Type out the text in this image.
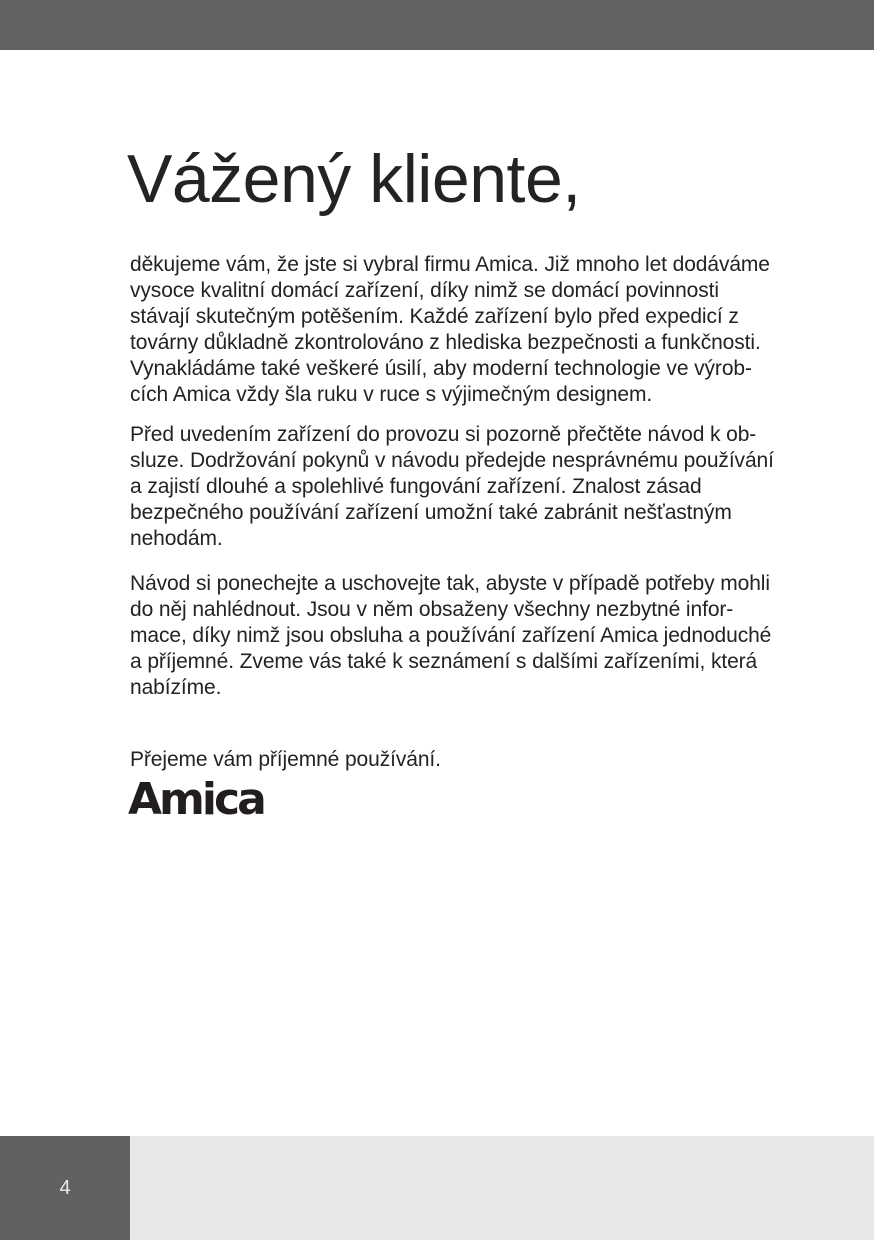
Vážený kliente,
děkujeme vám, že jste si vybral firmu Amica. Již mnoho let dodáváme
vysoce kvalitní domácí zařízení, díky nimž se domácí povinnosti
stávají skutečným potěšením. Každé zařízení bylo před expedicí z
továrny důkladně zkontrolováno z hlediska bezpečnosti a funkčnosti.
Vynakládáme také veškeré úsilí, aby moderní technologie ve výrob-
cích Amica vždy šla ruku v ruce s výjimečným designem.
Před uvedením zařízení do provozu si pozorně přečtěte návod k ob-
sluze. Dodržování pokynů v návodu předejde nesprávnému používání
a zajistí dlouhé a spolehlivé fungování zařízení. Znalost zásad
bezpečného používání zařízení umožní také zabránit nešťastným
nehodám.
Návod si ponechejte a uschovejte tak, abyste v případě potřeby mohli
do něj nahlédnout. Jsou v něm obsaženy všechny nezbytné infor-
mace, díky nimž jsou obsluha a používání zařízení Amica jednoduché
a příjemné. Zveme vás také k seznámení s dalšími zařízeními, která
nabízíme.
Přejeme vám příjemné používání.
Amica
4
